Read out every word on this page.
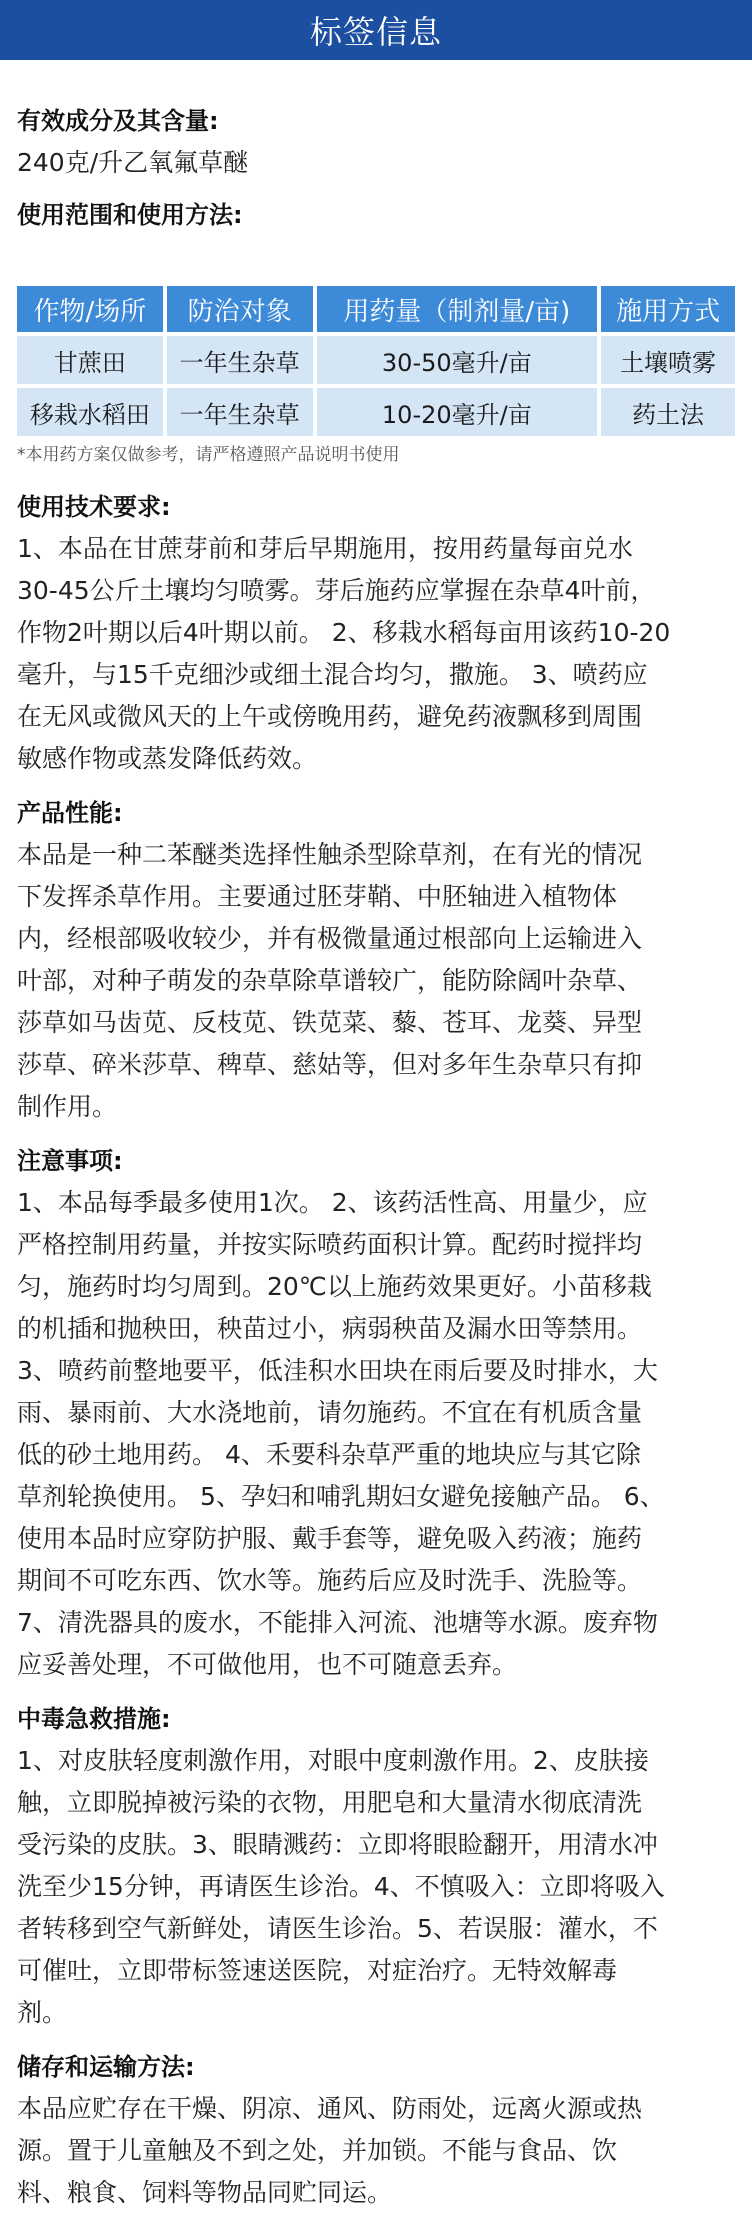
标签信息

有效成分及其含量:

240克/升乙氧氟草醚

使用范围和使用方法:

作物/场所	防治对象	用药量（制剂量/亩)	施用方式
甘蔗田	一年生杂草	30-50毫升/亩	土壤喷雾
移栽水稻田	一年生杂草	10-20毫升/亩	药土法

*本用药方案仅做参考，请严格遵照产品说明书使用

使用技术要求:

1、本品在甘蔗芽前和芽后早期施用，按用药量每亩兑水

30-45公斤土壤均匀喷雾。芽后施药应掌握在杂草4叶前，

作物2叶期以后4叶期以前。 2、移栽水稻每亩用该药10-20

毫升，与15千克细沙或细土混合均匀，撒施。 3、喷药应

在无风或微风天的上午或傍晚用药，避免药液飘移到周围

敏感作物或蒸发降低药效。

产品性能:

本品是一种二苯醚类选择性触杀型除草剂，在有光的情况

下发挥杀草作用。主要通过胚芽鞘、中胚轴进入植物体

内，经根部吸收较少，并有极微量通过根部向上运输进入

叶部，对种子萌发的杂草除草谱较广，能防除阔叶杂草、

莎草如马齿苋、反枝苋、铁苋菜、藜、苍耳、龙葵、异型

莎草、碎米莎草、稗草、慈姑等，但对多年生杂草只有抑

制作用。

注意事项:

1、本品每季最多使用1次。 2、该药活性高、用量少，应

严格控制用药量，并按实际喷药面积计算。配药时搅拌均

匀，施药时均匀周到。20℃以上施药效果更好。小苗移栽

的机插和抛秧田，秧苗过小，病弱秧苗及漏水田等禁用。

3、喷药前整地要平，低洼积水田块在雨后要及时排水，大

雨、暴雨前、大水浇地前，请勿施药。不宜在有机质含量

低的砂土地用药。 4、禾要科杂草严重的地块应与其它除

草剂轮换使用。 5、孕妇和哺乳期妇女避免接触产品。 6、

使用本品时应穿防护服、戴手套等，避免吸入药液；施药

期间不可吃东西、饮水等。施药后应及时洗手、洗脸等。

7、清洗器具的废水，不能排入河流、池塘等水源。废弃物

应妥善处理，不可做他用，也不可随意丢弃。

中毒急救措施:

1、对皮肤轻度刺激作用，对眼中度刺激作用。2、皮肤接

触，立即脱掉被污染的衣物，用肥皂和大量清水彻底清洗

受污染的皮肤。3、眼睛溅药：立即将眼睑翻开，用清水冲

洗至少15分钟，再请医生诊治。4、不慎吸入：立即将吸入

者转移到空气新鲜处，请医生诊治。5、若误服：灌水，不

可催吐，立即带标签速送医院，对症治疗。无特效解毒

剂。

储存和运输方法:

本品应贮存在干燥、阴凉、通风、防雨处，远离火源或热

源。置于儿童触及不到之处，并加锁。不能与食品、饮

料、粮食、饲料等物品同贮同运。
